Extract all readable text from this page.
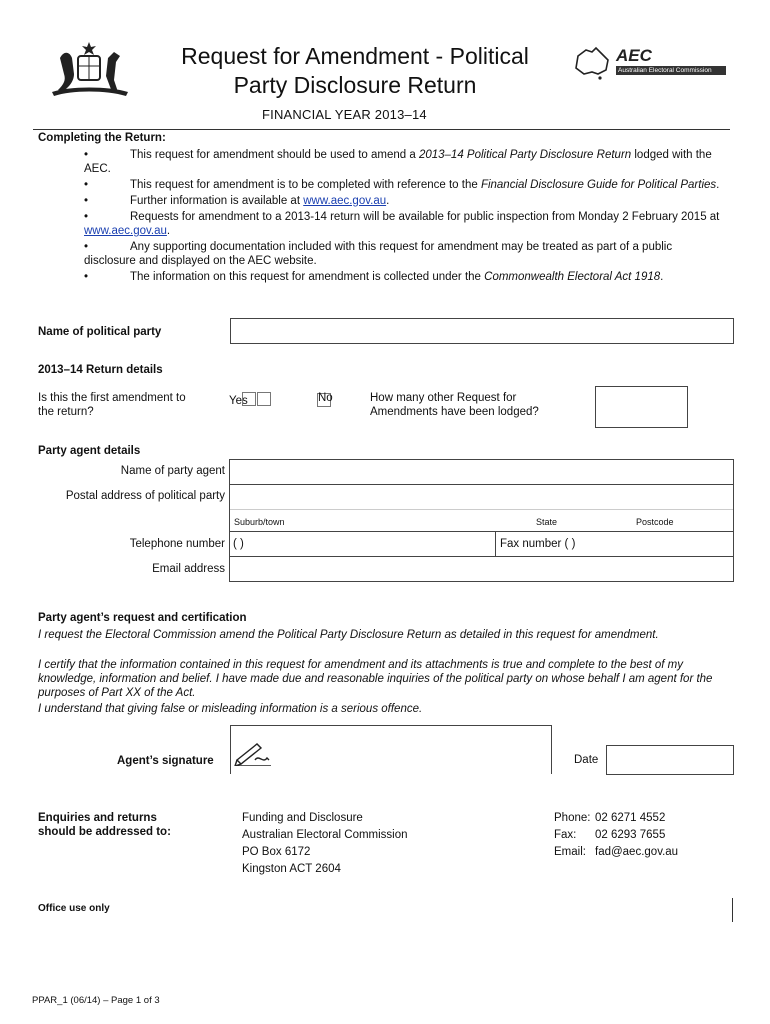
Request for Amendment - Political
Party Disclosure Return
AEC
Australian Electoral Commission
FINANCIAL YEAR 2013–14
Completing the Return:
•	This request for amendment should be used to amend a 2013–14 Political Party Disclosure Return lodged with the AEC.
•	This request for amendment is to be completed with reference to the Financial Disclosure Guide for Political Parties.
•	Further information is available at www.aec.gov.au.
•	Requests for amendment to a 2013-14 return will be available for public inspection from Monday 2 February 2015 at www.aec.gov.au.
•	Any supporting documentation included with this request for amendment may be treated as part of a public disclosure and displayed on the AEC website.
•	The information on this request for amendment is collected under the Commonwealth Electoral Act 1918.
Name of political party
2013–14 Return details
Is this the first amendment to the return?
Yes	No	How many other Request for Amendments have been lodged?
Party agent details
Name of party agent
Postal address of political party
Suburb/town	State	Postcode
Telephone number ( )	Fax number ( )
Email address
Party agent’s request and certification
I request the Electoral Commission amend the Political Party Disclosure Return as detailed in this request for amendment.
I certify that the information contained in this request for amendment and its attachments is true and complete to the best of my knowledge, information and belief. I have made due and reasonable inquiries of the political party on whose behalf I am agent for the purposes of Part XX of the Act.
I understand that giving false or misleading information is a serious offence.
Agent’s signature	Date
Enquiries and returns
should be addressed to:
Funding and Disclosure
Australian Electoral Commission
PO Box 6172
Kingston ACT 2604
Phone: 02 6271 4552
Fax: 02 6293 7655
Email: fad@aec.gov.au
Office use only
PPAR_1 (06/14) – Page 1 of 3
